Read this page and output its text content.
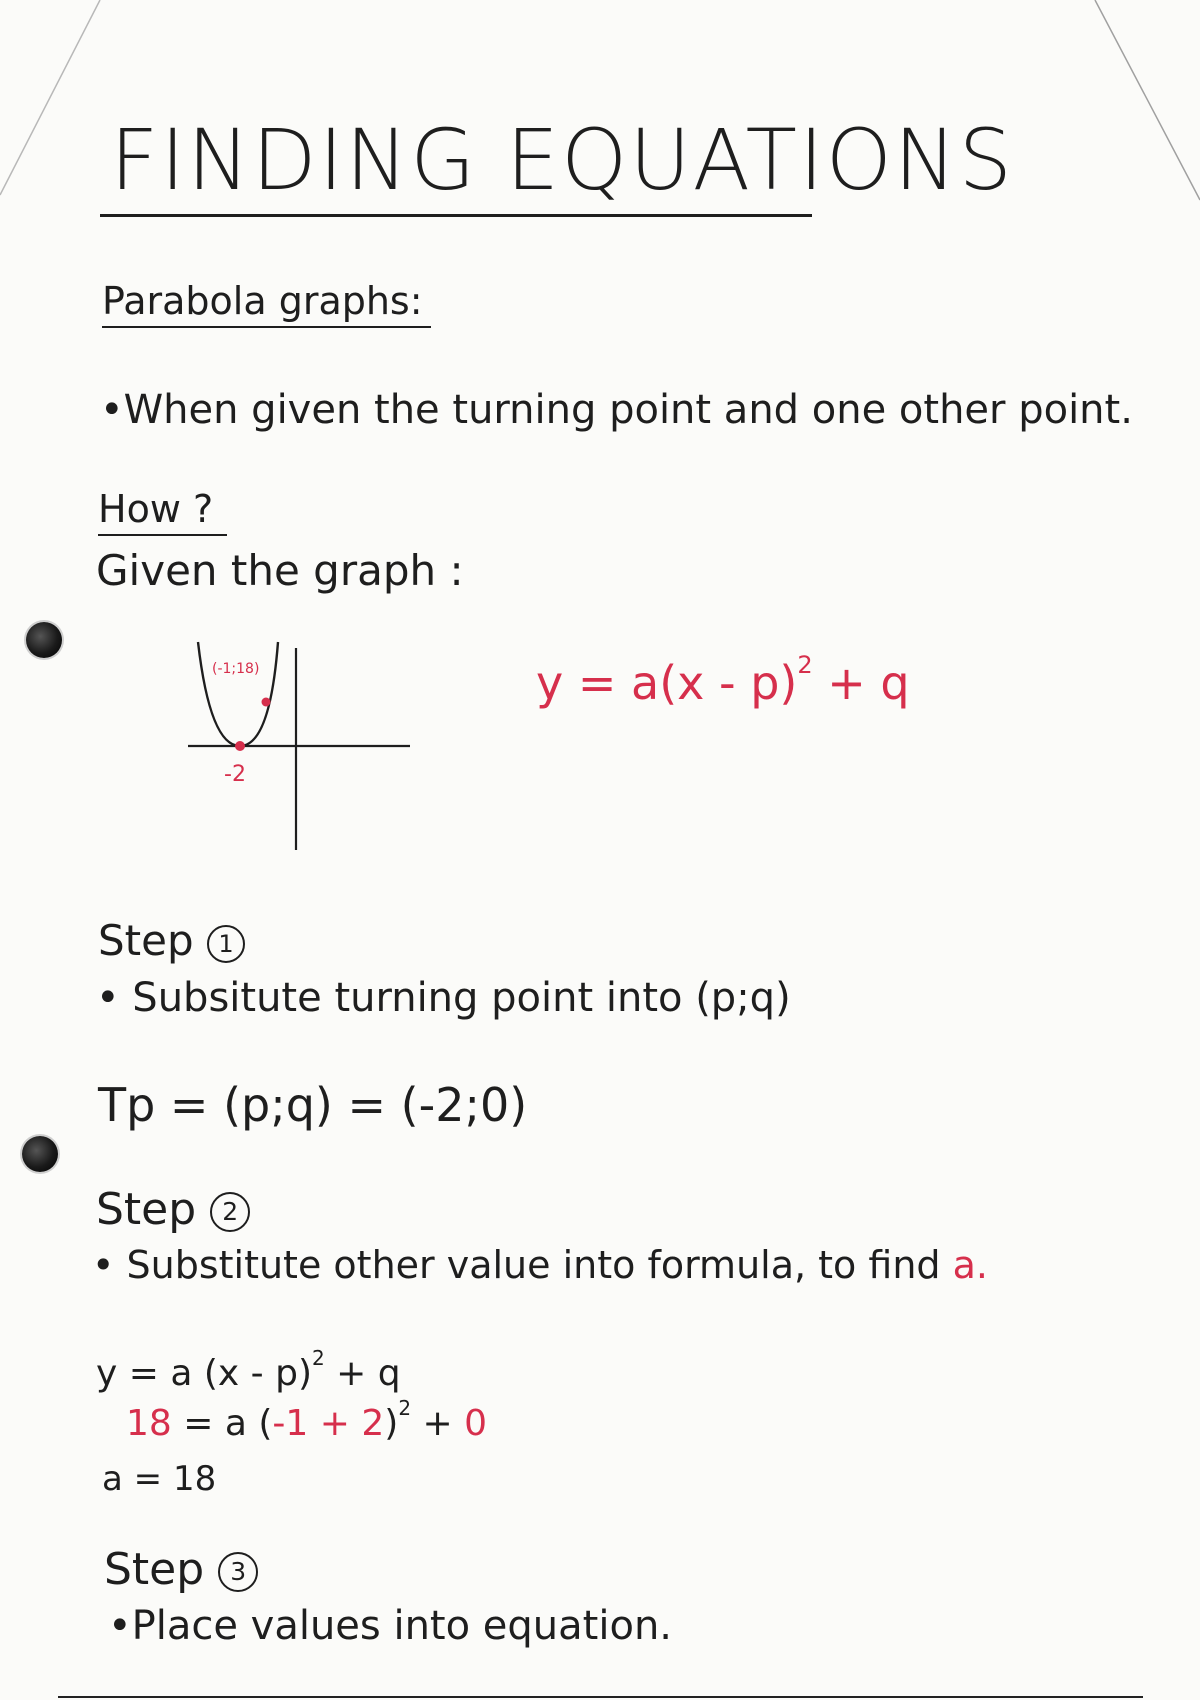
FINDING EQUATIONS
Parabola graphs:
•When given the turning point and one other point.
How ?
Given the graph :
(-1;18)
-2
y = a(x - p)$^2$ + q
Step 1
• Subsitute turning point into (p;q)
Tp = (p;q) = (-2;0)
Step 2
• Substitute other value into formula, to find a.
y = a (x - p)$^2$ + q
18 = a $(-1 + 2)^2 + 0$
a = 18
Step 3
•Place values into equation.
